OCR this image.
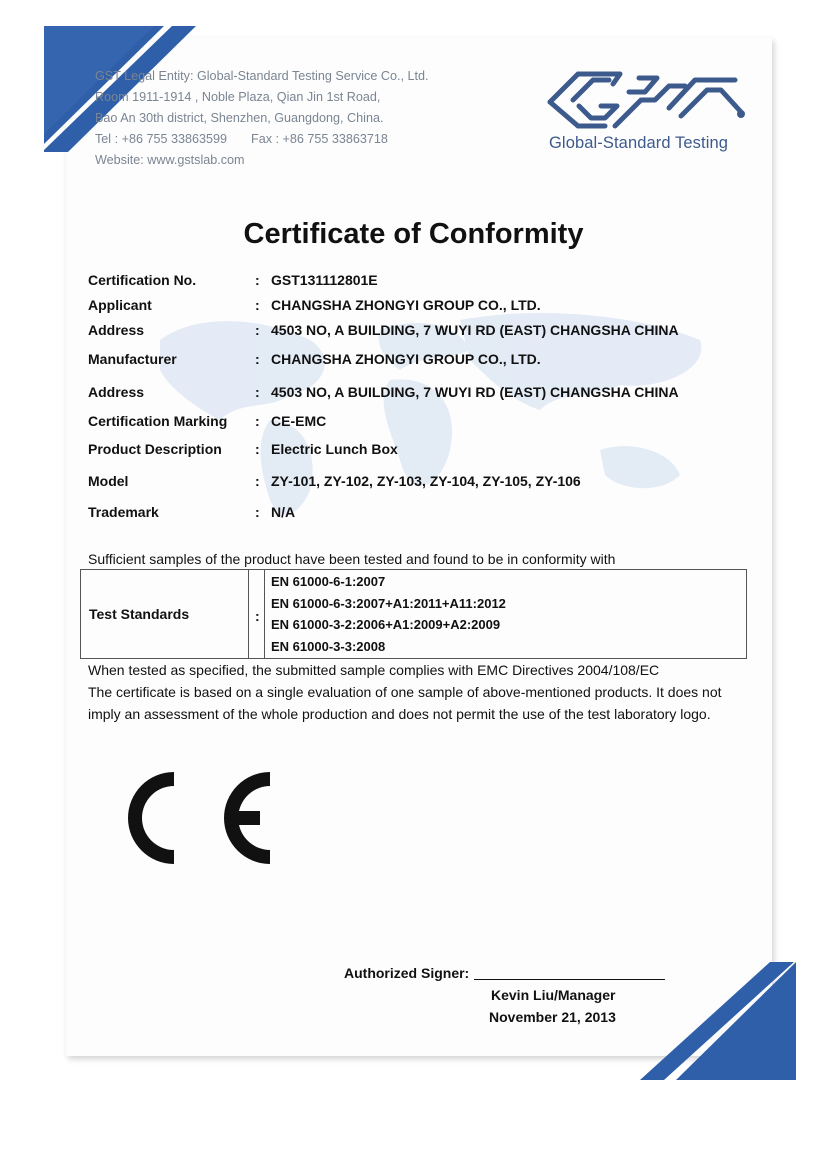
GST Legal Entity: Global-Standard Testing Service Co., Ltd.
Room 1911-1914 , Noble Plaza, Qian Jin 1st Road,
Bao An 30th district, Shenzhen, Guangdong, China.
Tel : +86 755 33863599 Fax : +86 755 33863718
Website: www.gstslab.com
Global-Standard Testing
Certificate of Conformity
Certification No.	: GST131112801E
Applicant	: CHANGSHA ZHONGYI GROUP CO., LTD.
Address	: 4503 NO, A BUILDING, 7 WUYI RD (EAST) CHANGSHA CHINA
Manufacturer	: CHANGSHA ZHONGYI GROUP CO., LTD.
Address	: 4503 NO, A BUILDING, 7 WUYI RD (EAST) CHANGSHA CHINA
Certification Marking : CE-EMC
Product Description : Electric Lunch Box
Model	: ZY-101, ZY-102, ZY-103, ZY-104, ZY-105, ZY-106
Trademark	: N/A
Sufficient samples of the product have been tested and found to be in conformity with
Test Standards	:
EN 61000-6-1:2007
EN 61000-6-3:2007+A1:2011+A11:2012
EN 61000-3-2:2006+A1:2009+A2:2009
EN 61000-3-3:2008
When tested as specified, the submitted sample complies with EMC Directives 2004/108/EC
The certificate is based on a single evaluation of one sample of above-mentioned products. It does not imply an assessment of the whole production and does not permit the use of the test laboratory logo.
Authorized Signer:
Kevin Liu/Manager
November 21, 2013
